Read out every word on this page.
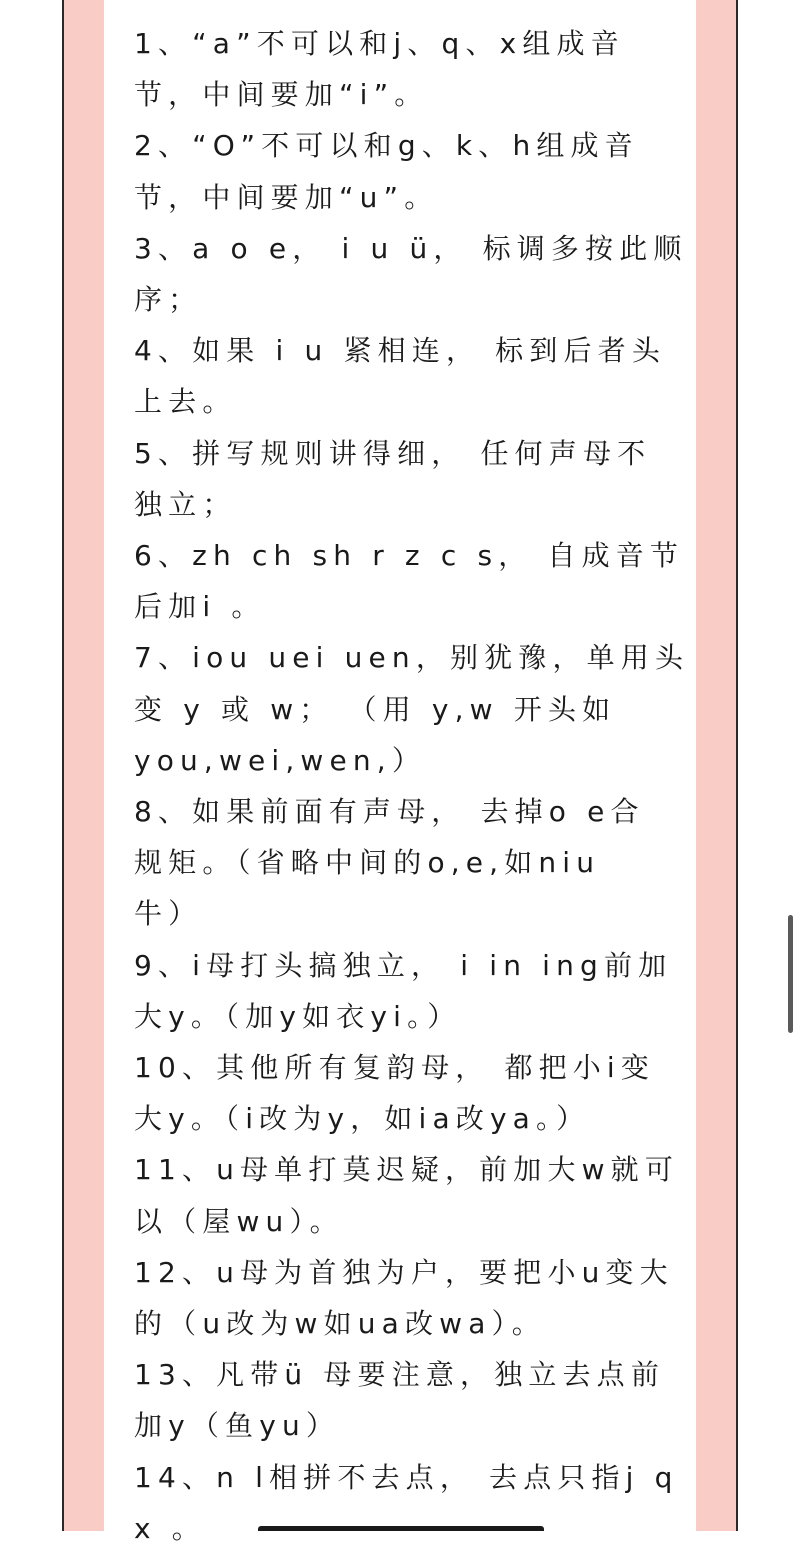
1、“a”不可以和j、q、x组成音
节，中间要加“i”。
2、“O”不可以和g、k、h组成音
节，中间要加“u”。
3、a o e， i u ü， 标调多按此顺
序；
4、如果 i u 紧相连， 标到后者头
上去。
5、拼写规则讲得细， 任何声母不
独立；
6、zh ch sh r z c s， 自成音节
后加i 。
7、iou uei uen，别犹豫，单用头
变 y 或 w； （用 y,w 开头如
you,wei,wen,）
8、如果前面有声母， 去掉o e合
规矩。（省略中间的o,e,如niu
牛）
9、i母打头搞独立， i in ing前加
大y。（加y如衣yi。）
10、其他所有复韵母， 都把小i变
大y。（i改为y，如ia改ya。）
11、u母单打莫迟疑，前加大w就可
以（屋wu）。
12、u母为首独为户，要把小u变大
的（u改为w如ua改wa）。
13、凡带ü 母要注意，独立去点前
加y（鱼yu）
14、n l相拼不去点， 去点只指j q
x 。
